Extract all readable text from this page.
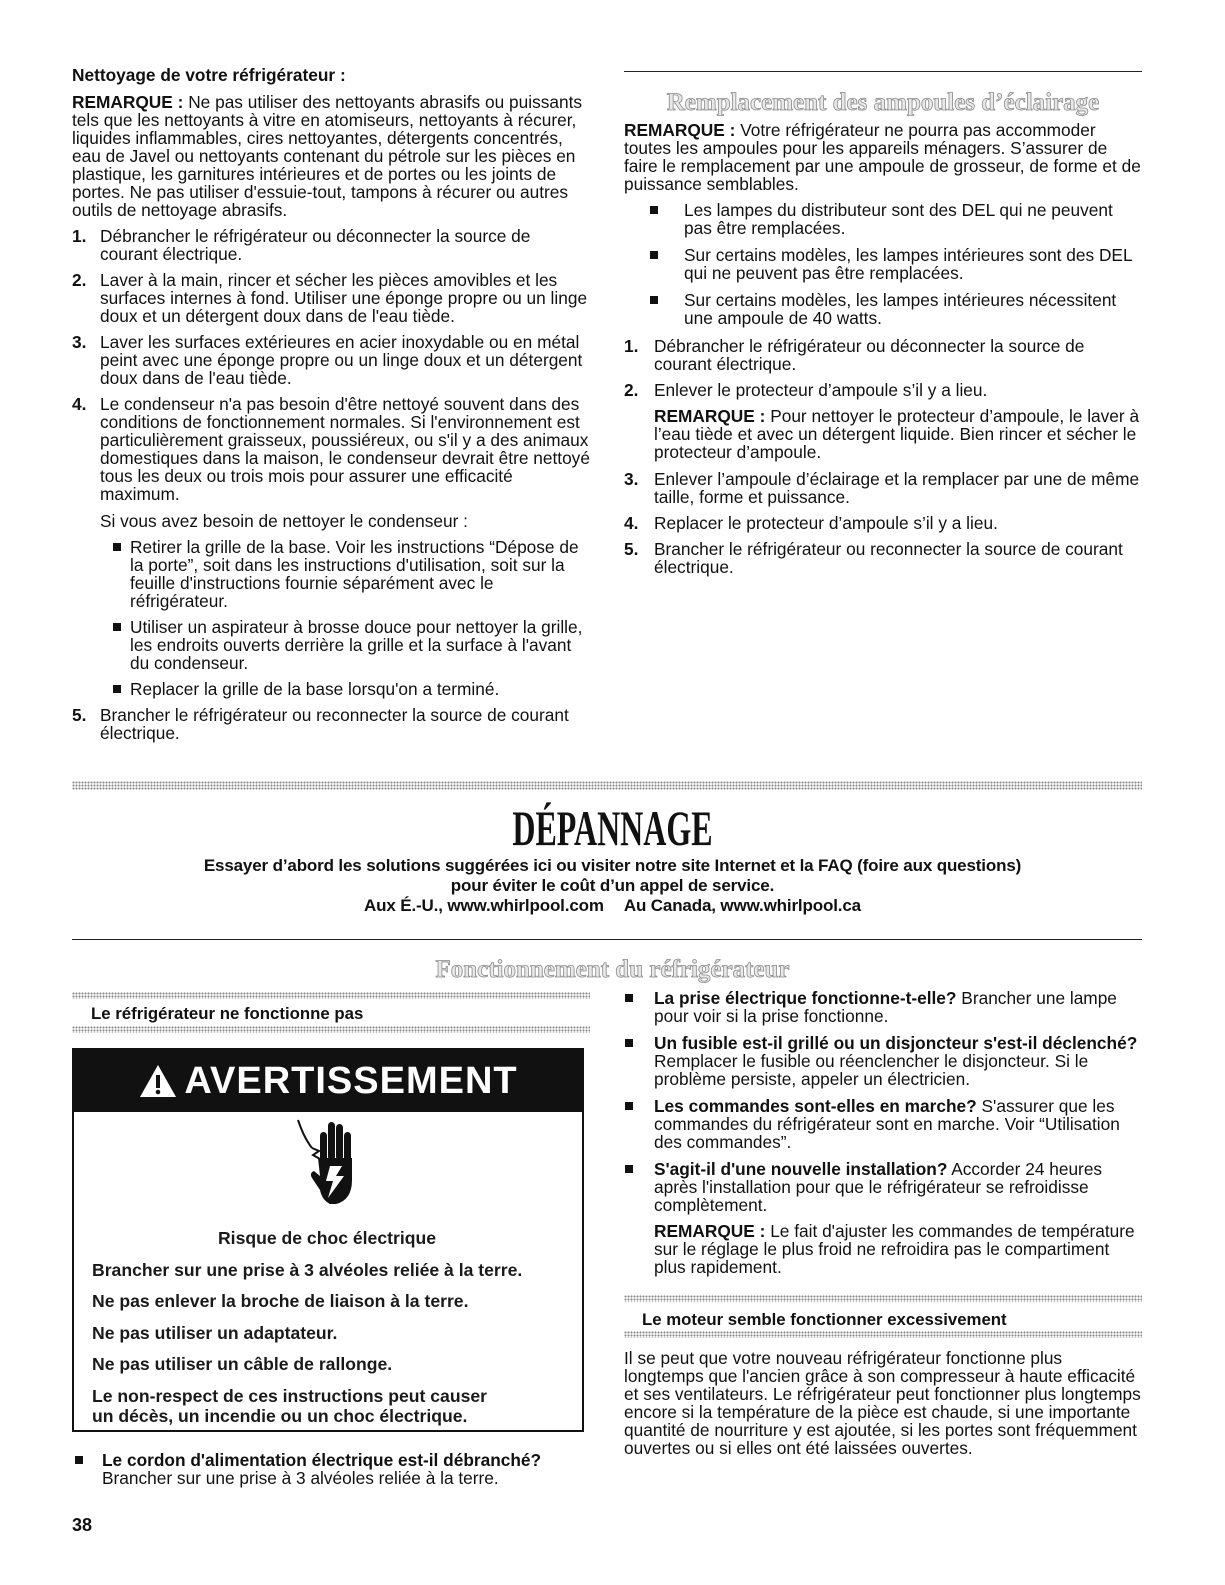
Nettoyage de votre réfrigérateur :

REMARQUE : Ne pas utiliser des nettoyants abrasifs ou puissants tels que les nettoyants à vitre en atomiseurs, nettoyants à récurer, liquides inflammables, cires nettoyantes, détergents concentrés, eau de Javel ou nettoyants contenant du pétrole sur les pièces en plastique, les garnitures intérieures et de portes ou les joints de portes. Ne pas utiliser d'essuie-tout, tampons à récurer ou autres outils de nettoyage abrasifs.

1. Débrancher le réfrigérateur ou déconnecter la source de courant électrique.
2. Laver à la main, rincer et sécher les pièces amovibles et les surfaces internes à fond. Utiliser une éponge propre ou un linge doux et un détergent doux dans de l'eau tiède.
3. Laver les surfaces extérieures en acier inoxydable ou en métal peint avec une éponge propre ou un linge doux et un détergent doux dans de l'eau tiède.
4. Le condenseur n'a pas besoin d'être nettoyé souvent dans des conditions de fonctionnement normales. Si l'environnement est particulièrement graisseux, poussiéreux, ou s'il y a des animaux domestiques dans la maison, le condenseur devrait être nettoyé tous les deux ou trois mois pour assurer une efficacité maximum.

Si vous avez besoin de nettoyer le condenseur :

Retirer la grille de la base. Voir les instructions “Dépose de la porte”, soit dans les instructions d'utilisation, soit sur la feuille d'instructions fournie séparément avec le réfrigérateur.
Utiliser un aspirateur à brosse douce pour nettoyer la grille, les endroits ouverts derrière la grille et la surface à l'avant du condenseur.
Replacer la grille de la base lorsqu'on a terminé.
5. Brancher le réfrigérateur ou reconnecter la source de courant électrique.
Remplacement des ampoules d’éclairage

REMARQUE : Votre réfrigérateur ne pourra pas accommoder toutes les ampoules pour les appareils ménagers. S’assurer de faire le remplacement par une ampoule de grosseur, de forme et de puissance semblables.

Les lampes du distributeur sont des DEL qui ne peuvent pas être remplacées.
Sur certains modèles, les lampes intérieures sont des DEL qui ne peuvent pas être remplacées.
Sur certains modèles, les lampes intérieures nécessitent une ampoule de 40 watts.
1. Débrancher le réfrigérateur ou déconnecter la source de courant électrique.
2. Enlever le protecteur d’ampoule s’il y a lieu.

REMARQUE : Pour nettoyer le protecteur d’ampoule, le laver à l’eau tiède et avec un détergent liquide. Bien rincer et sécher le protecteur d’ampoule.

3. Enlever l’ampoule d’éclairage et la remplacer par une de même taille, forme et puissance.
4. Replacer le protecteur d’ampoule s’il y a lieu.
5. Brancher le réfrigérateur ou reconnecter la source de courant électrique.
DÉPANNAGE

Essayer d’abord les solutions suggérées ici ou visiter notre site Internet et la FAQ (foire aux questions)

pour éviter le coût d’un appel de service.

Aux É.-U., www.whirlpool.com Au Canada, www.whirlpool.ca

Fonctionnement du réfrigérateur
Le réfrigérateur ne fonctionne pas
AVERTISSEMENT

Risque de choc électrique

Brancher sur une prise à 3 alvéoles reliée à la terre.

Ne pas enlever la broche de liaison à la terre.

Ne pas utiliser un adaptateur.

Ne pas utiliser un câble de rallonge.

Le non-respect de ces instructions peut causer un décès, un incendie ou un choc électrique.

Le cordon d'alimentation électrique est-il débranché? Brancher sur une prise à 3 alvéoles reliée à la terre.

38

La prise électrique fonctionne-t-elle? Brancher une lampe pour voir si la prise fonctionne.

Un fusible est-il grillé ou un disjoncteur s'est-il déclenché? Remplacer le fusible ou réenclencher le disjoncteur. Si le problème persiste, appeler un électricien.

Les commandes sont-elles en marche? S'assurer que les commandes du réfrigérateur sont en marche. Voir “Utilisation des commandes”.

S'agit-il d'une nouvelle installation? Accorder 24 heures après l'installation pour que le réfrigérateur se refroidisse complètement.

REMARQUE : Le fait d'ajuster les commandes de température sur le réglage le plus froid ne refroidira pas le compartiment plus rapidement.

Le moteur semble fonctionner excessivement

Il se peut que votre nouveau réfrigérateur fonctionne plus longtemps que l'ancien grâce à son compresseur à haute efficacité et ses ventilateurs. Le réfrigérateur peut fonctionner plus longtemps encore si la température de la pièce est chaude, si une importante quantité de nourriture y est ajoutée, si les portes sont fréquemment ouvertes ou si elles ont été laissées ouvertes.
